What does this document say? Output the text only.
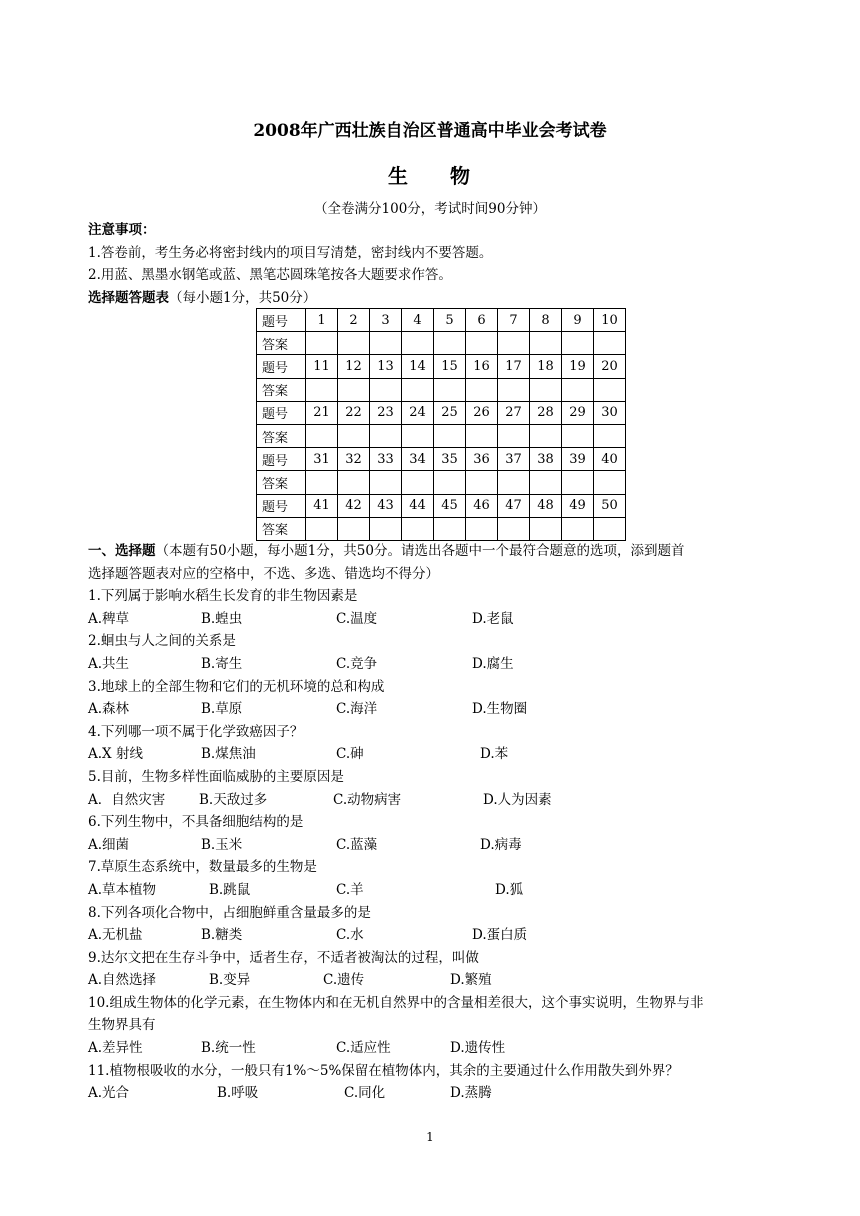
2008年广西壮族自治区普通高中毕业会考试卷
生 物
（全卷满分100分，考试时间90分钟）
注意事项：
1.答卷前，考生务必将密封线内的项目写清楚，密封线内不要答题。
2.用蓝、黑墨水钢笔或蓝、黑笔芯圆珠笔按各大题要求作答。
选择题答题表（每小题1分，共50分）
题号	1	2	3	4	5	6	7	8	9	10
答案										
题号	11	12	13	14	15	16	17	18	19	20
答案										
题号	21	22	23	24	25	26	27	28	29	30
答案										
题号	31	32	33	34	35	36	37	38	39	40
答案										
题号	41	42	43	44	45	46	47	48	49	50
答案										
一、选择题（本题有50小题，每小题1分，共50分。请选出各题中一个最符合题意的选项，添到题首
选择题答题表对应的空格中，不选、多选、错选均不得分）
1.下列属于影响水稻生长发育的非生物因素是
A.稗草	B.蝗虫	C.温度	D.老鼠
2.蛔虫与人之间的关系是
A.共生	B.寄生	C.竞争	D.腐生
3.地球上的全部生物和它们的无机环境的总和构成
A.森林	B.草原	C.海洋	D.生物圈
4.下列哪一项不属于化学致癌因子？
A.X 射线	B.煤焦油	C.砷	D.苯
5.目前，生物多样性面临威胁的主要原因是
A．自然灾害	B.天敌过多	C.动物病害	D.人为因素
6.下列生物中，不具备细胞结构的是
A.细菌	B.玉米	C.蓝藻	D.病毒
7.草原生态系统中，数量最多的生物是
A.草本植物	B.跳鼠	C.羊	D.狐
8.下列各项化合物中，占细胞鲜重含量最多的是
A.无机盐	B.糖类	C.水	D.蛋白质
9.达尔文把在生存斗争中，适者生存，不适者被淘汰的过程，叫做
A.自然选择	B.变异	C.遗传	D.繁殖
10.组成生物体的化学元素，在生物体内和在无机自然界中的含量相差很大，这个事实说明，生物界与非
生物界具有
A.差异性	B.统一性	C.适应性	D.遗传性
11.植物根吸收的水分，一般只有1%～5%保留在植物体内，其余的主要通过什么作用散失到外界？
A.光合	B.呼吸	C.同化	D.蒸腾
1
